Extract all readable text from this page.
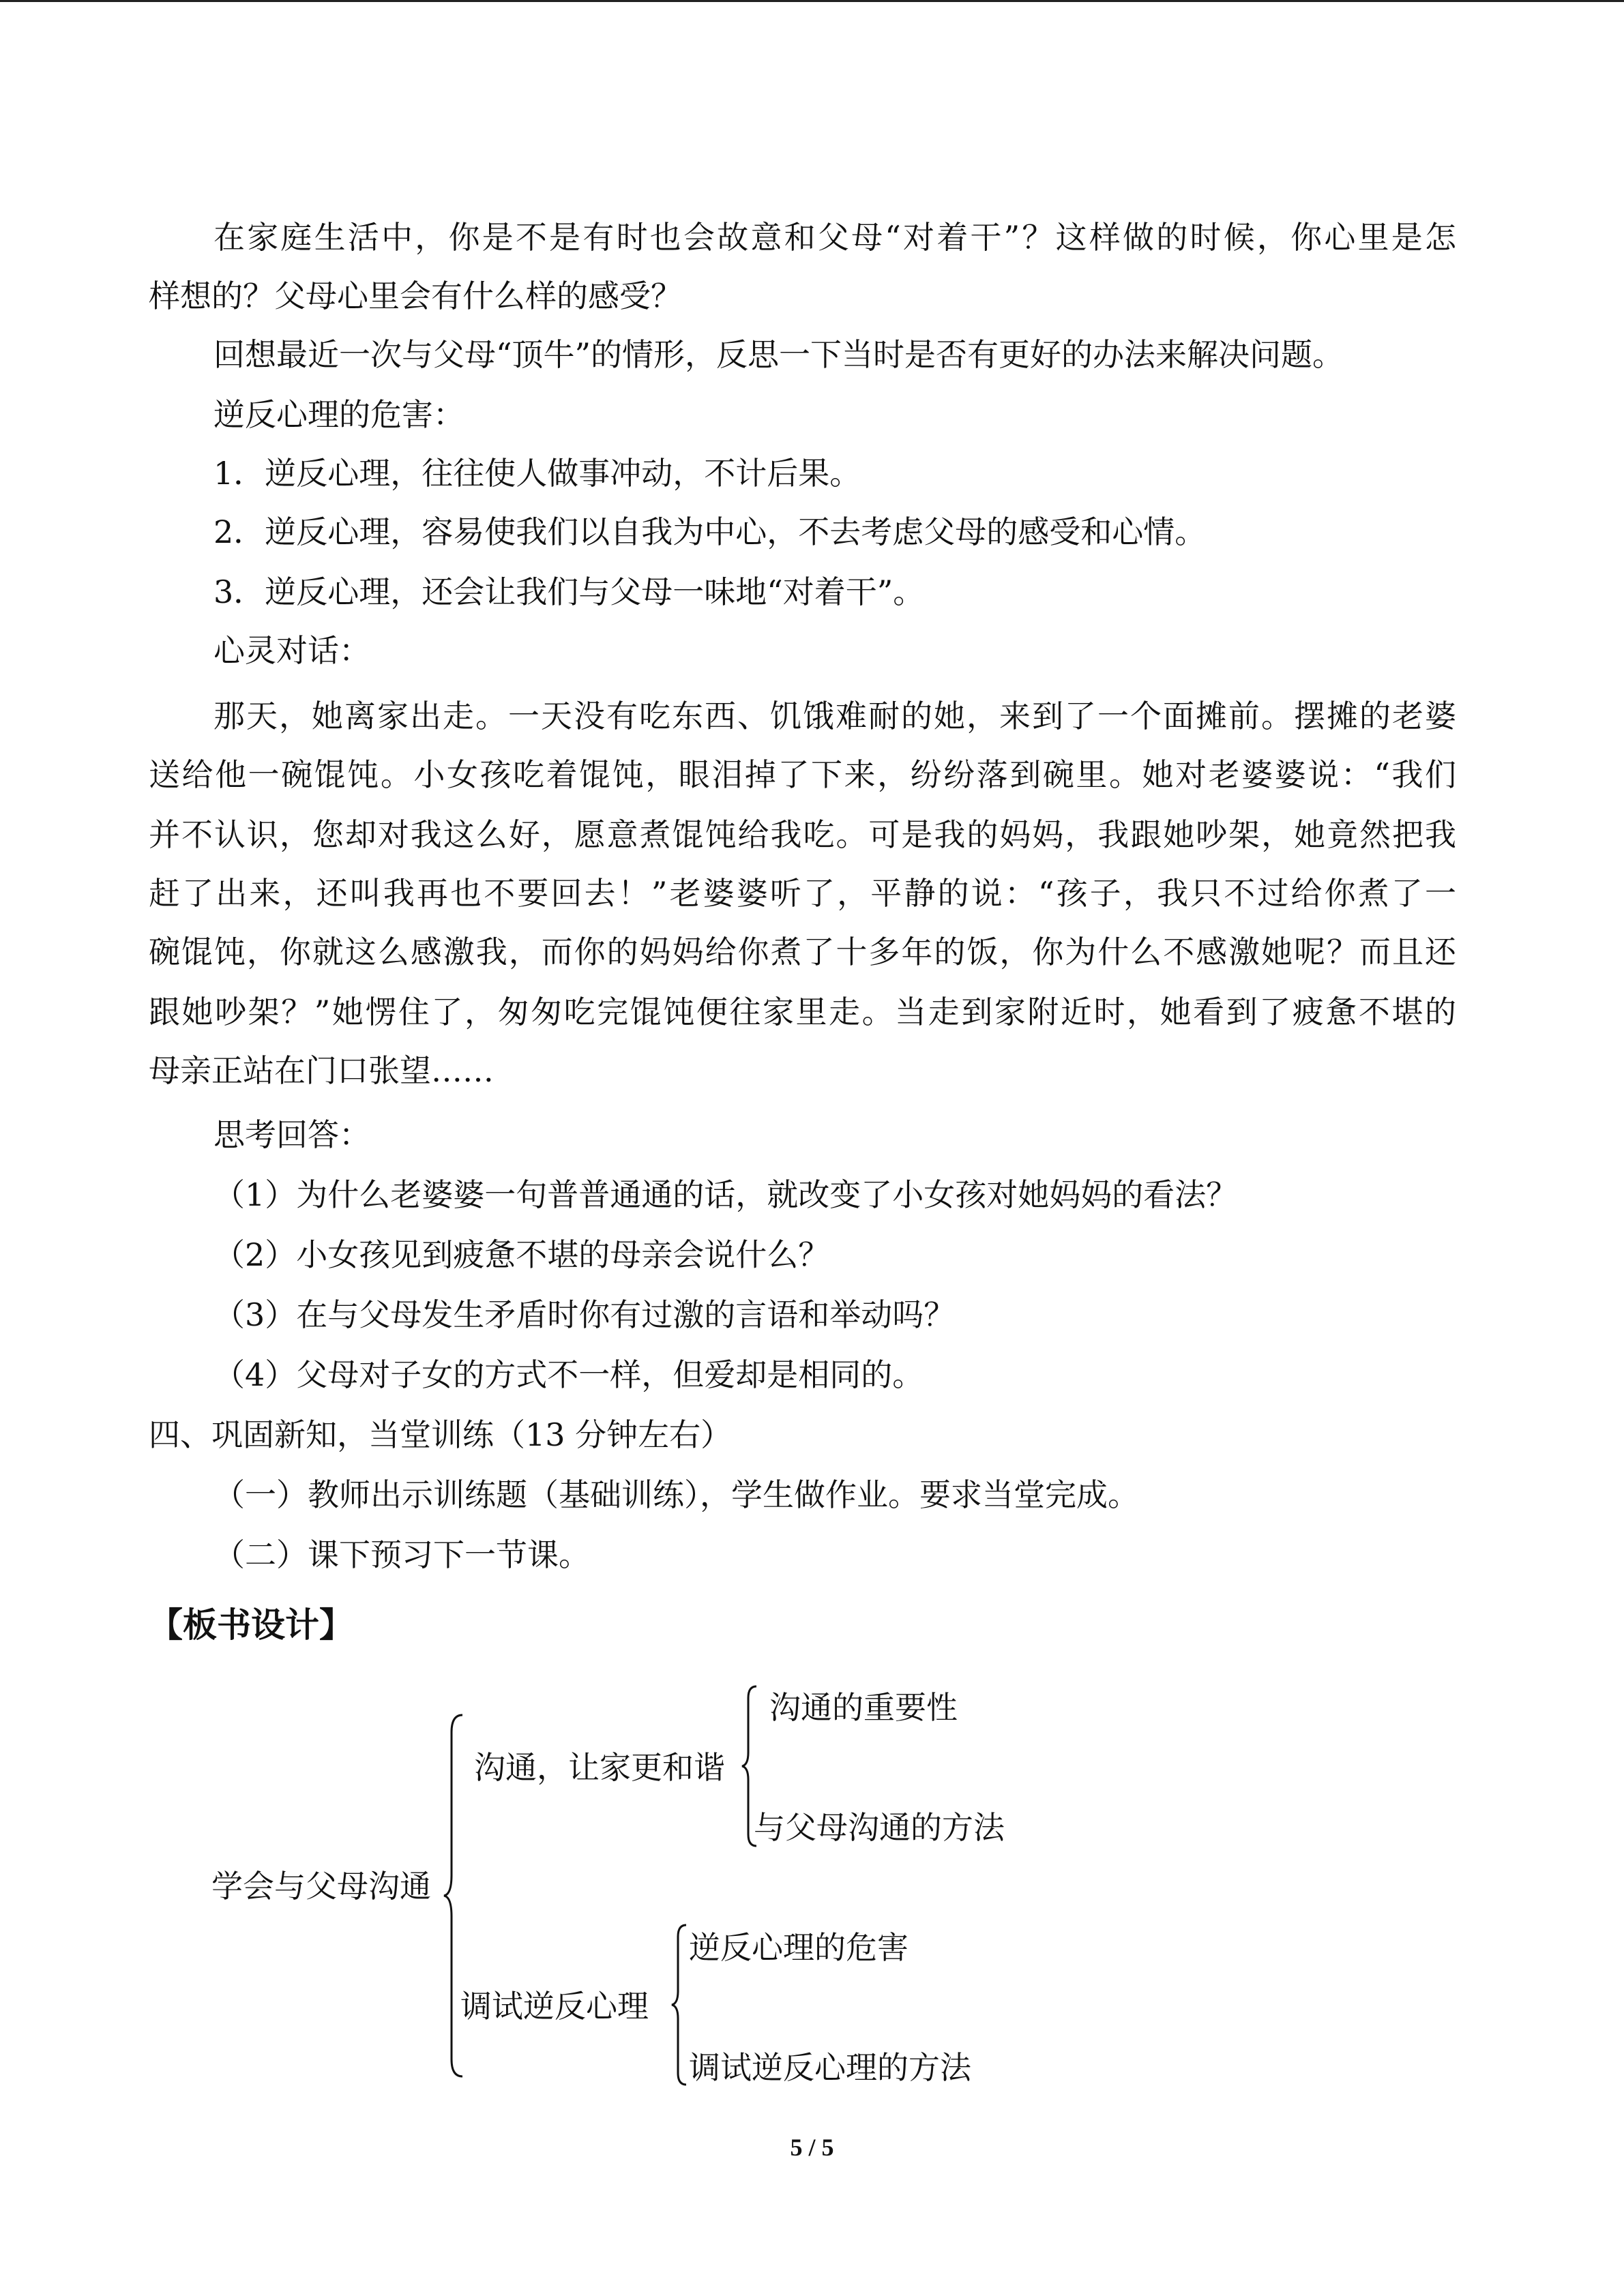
在家庭生活中，你是不是有时也会故意和父母“对着干”？这样做的时候，你心里是怎
样想的？父母心里会有什么样的感受？
回想最近一次与父母“顶牛”的情形，反思一下当时是否有更好的办法来解决问题。
逆反心理的危害：
1．逆反心理，往往使人做事冲动，不计后果。
2．逆反心理，容易使我们以自我为中心，不去考虑父母的感受和心情。
3．逆反心理，还会让我们与父母一味地“对着干”。
心灵对话：
那天，她离家出走。一天没有吃东西、饥饿难耐的她，来到了一个面摊前。摆摊的老婆
送给他一碗馄饨。小女孩吃着馄饨，眼泪掉了下来，纷纷落到碗里。她对老婆婆说：“我们
并不认识，您却对我这么好，愿意煮馄饨给我吃。可是我的妈妈，我跟她吵架，她竟然把我
赶了出来，还叫我再也不要回去！”老婆婆听了，平静的说：“孩子，我只不过给你煮了一
碗馄饨，你就这么感激我，而你的妈妈给你煮了十多年的饭，你为什么不感激她呢？而且还
跟她吵架？”她愣住了，匆匆吃完馄饨便往家里走。当走到家附近时，她看到了疲惫不堪的
母亲正站在门口张望……
思考回答：
（1）为什么老婆婆一句普普通通的话，就改变了小女孩对她妈妈的看法？
（2）小女孩见到疲惫不堪的母亲会说什么？
（3）在与父母发生矛盾时你有过激的言语和举动吗？
（4）父母对子女的方式不一样，但爱却是相同的。
四、巩固新知，当堂训练（13 分钟左右）
（一）教师出示训练题（基础训练），学生做作业。要求当堂完成。
（二）课下预习下一节课。
【板书设计】
学会与父母沟通
沟通，让家更和谐
沟通的重要性
与父母沟通的方法
调试逆反心理
逆反心理的危害
调试逆反心理的方法
5 / 5
